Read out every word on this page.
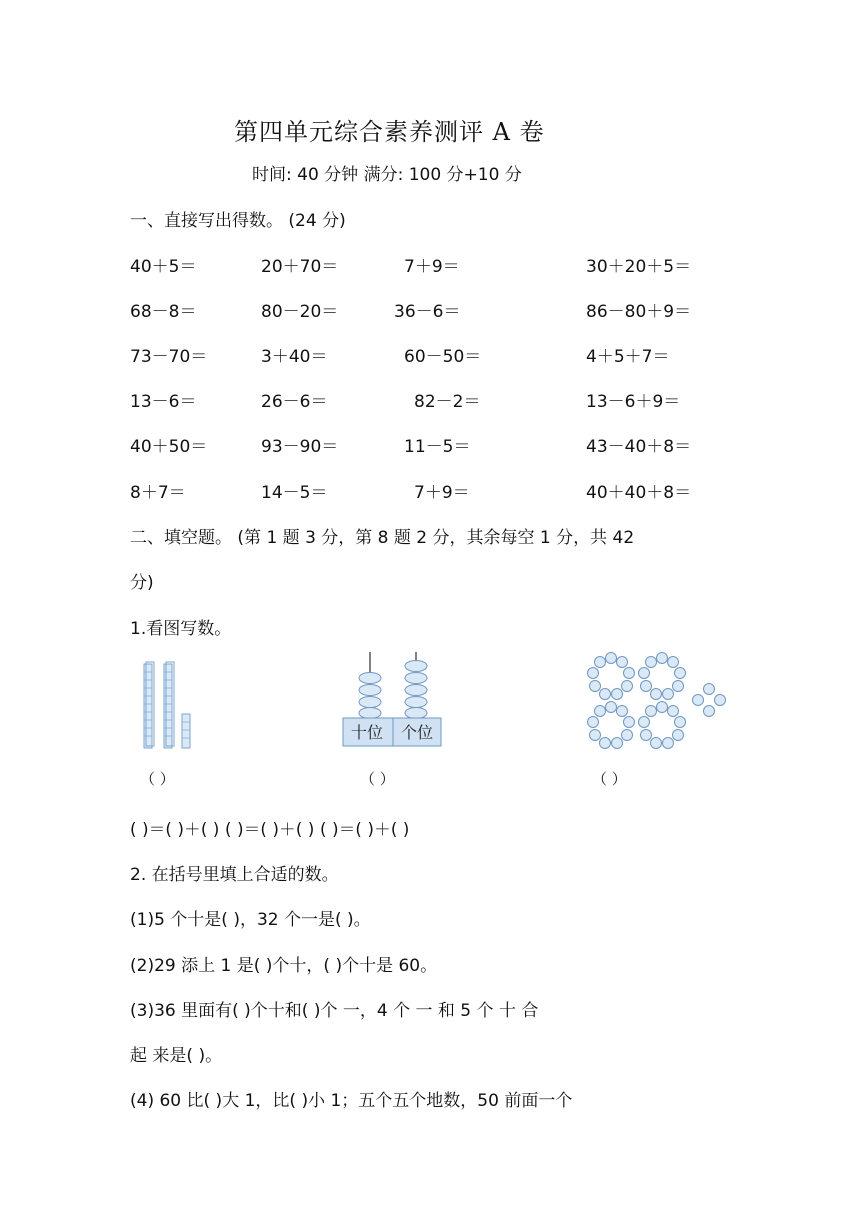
第四单元综合素养测评 A 卷
时间: 40 分钟 满分: 100 分+10 分
一、直接写出得数。 (24 分)
40＋5＝	20＋70＝	7＋9＝	30＋20＋5＝
68－8＝	80－20＝	36－6＝	86－80＋9＝
73－70＝	3＋40＝	60－50＝	4＋5＋7＝
13－6＝	26－6＝	82－2＝	13－6＋9＝
40＋50＝	93－90＝	11－5＝	43－40＋8＝
8＋7＝	14－5＝	7＋9＝	40＋40＋8＝
二、填空题。 (第 1 题 3 分，第 8 题 2 分，其余每空 1 分，共 42
分)
1.看图写数。
十位 个位
（ ）	（ ）	（ ）
( )＝( )＋( ) ( )＝( )＋( ) ( )＝( )＋( )
2. 在括号里填上合适的数。
(1)5 个十是( )，32 个一是( )。
(2)29 添上 1 是( )个十，( )个十是 60。
(3)36 里面有( )个十和( )个 一，4 个 一 和 5 个 十 合
起 来是( )。
(4) 60 比( )大 1，比( )小 1；五个五个地数，50 前面一个
